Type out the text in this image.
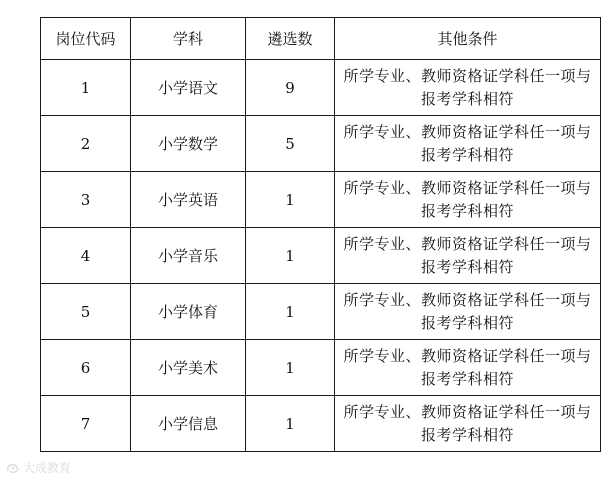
岗位代码	学科	遴选数	其他条件
1	小学语文	9	所学专业、教师资格证学科任一项与
报考学科相符

2	小学数学	5	所学专业、教师资格证学科任一项与
报考学科相符

3	小学英语	1	所学专业、教师资格证学科任一项与
报考学科相符

4	小学音乐	1	所学专业、教师资格证学科任一项与
报考学科相符

5	小学体育	1	所学专业、教师资格证学科任一项与
报考学科相符

6	小学美术	1	所学专业、教师资格证学科任一项与
报考学科相符

7	小学信息	1	所学专业、教师资格证学科任一项与
报考学科相符
大成教育
